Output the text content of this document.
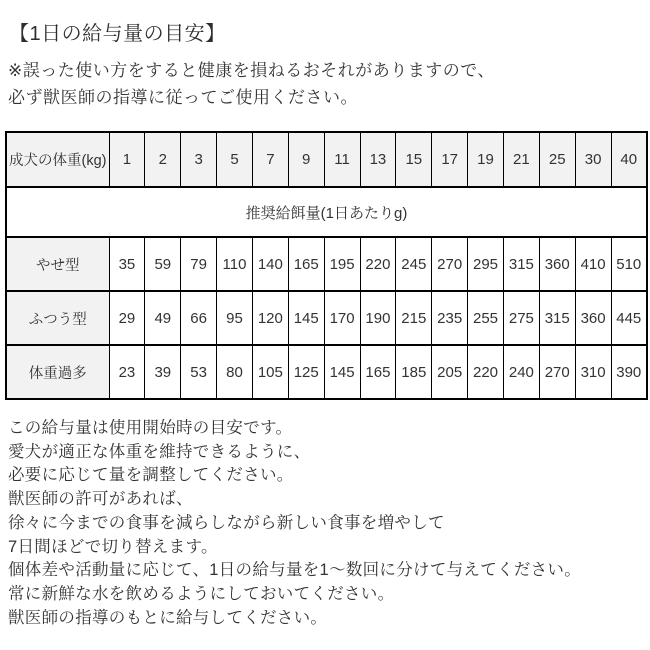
【1日の給与量の目安】
※誤った使い方をすると健康を損ねるおそれがありますので、
必ず獣医師の指導に従ってご使用ください。
成犬の体重(kg)	1	2	3	5	7	9	11	13	15	17	19	21	25	30	40
推奨給餌量(1日あたりg)															
やせ型	35	59	79	110	140	165	195	220	245	270	295	315	360	410	510
ふつう型	29	49	66	95	120	145	170	190	215	235	255	275	315	360	445
体重過多	23	39	53	80	105	125	145	165	185	205	220	240	270	310	390
この給与量は使用開始時の目安です。
愛犬が適正な体重を維持できるように、
必要に応じて量を調整してください。
獣医師の許可があれば、
徐々に今までの食事を減らしながら新しい食事を増やして
7日間ほどで切り替えます。
個体差や活動量に応じて、1日の給与量を1～数回に分けて与えてください。
常に新鮮な水を飲めるようにしておいてください。
獣医師の指導のもとに給与してください。
